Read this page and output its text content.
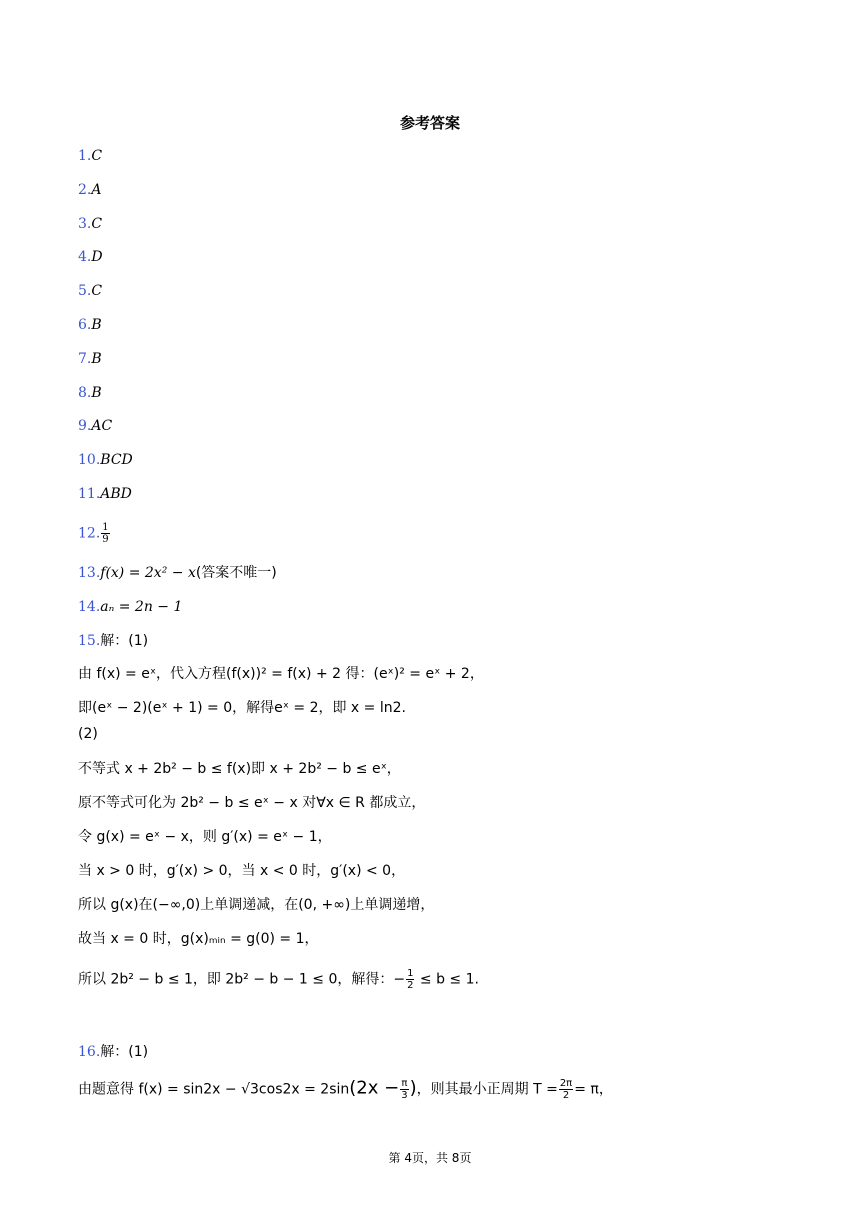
参考答案
1.C
2.A
3.C
4.D
5.C
6.B
7.B
8.B
9.AC
10.BCD
11.ABD
12. $\frac{1}{9}$
13.f(x) = 2x² − x(答案不唯一)
14.aₙ = 2n − 1
15.解：(1)
由 f(x) = eˣ，代入方程(f(x))² = f(x) + 2 得：(eˣ)² = eˣ + 2，
即(eˣ − 2)(eˣ + 1) = 0，解得eˣ = 2，即 x = ln2.
(2)
不等式 x + 2b² − b ≤ f(x)即 x + 2b² − b ≤ eˣ，
原不等式可化为 2b² − b ≤ eˣ − x 对∀x ∈ R 都成立，
令 g(x) = eˣ − x，则 g′(x) = eˣ − 1，
当 x > 0 时，g′(x) > 0，当 x < 0 时，g′(x) < 0，
所以 g(x)在(−∞,0)上单调递减，在(0, +∞)上单调递增，
故当 x = 0 时，g(x)ₘᵢₙ = g(0) = 1，
所以 2b² − b ≤ 1，即 2b² − b − 1 ≤ 0，解得：− $\frac{1}{2} \le b \le 1$.
16.解：(1)
由题意得 $f(x) = \sin 2x - √3\cos 2x = 2\sin(2x - \frac{\pi}{3}$ )，则其最小正周期 $T = \frac{2\pi}{2} = \pi$，
第 4页，共 8页
